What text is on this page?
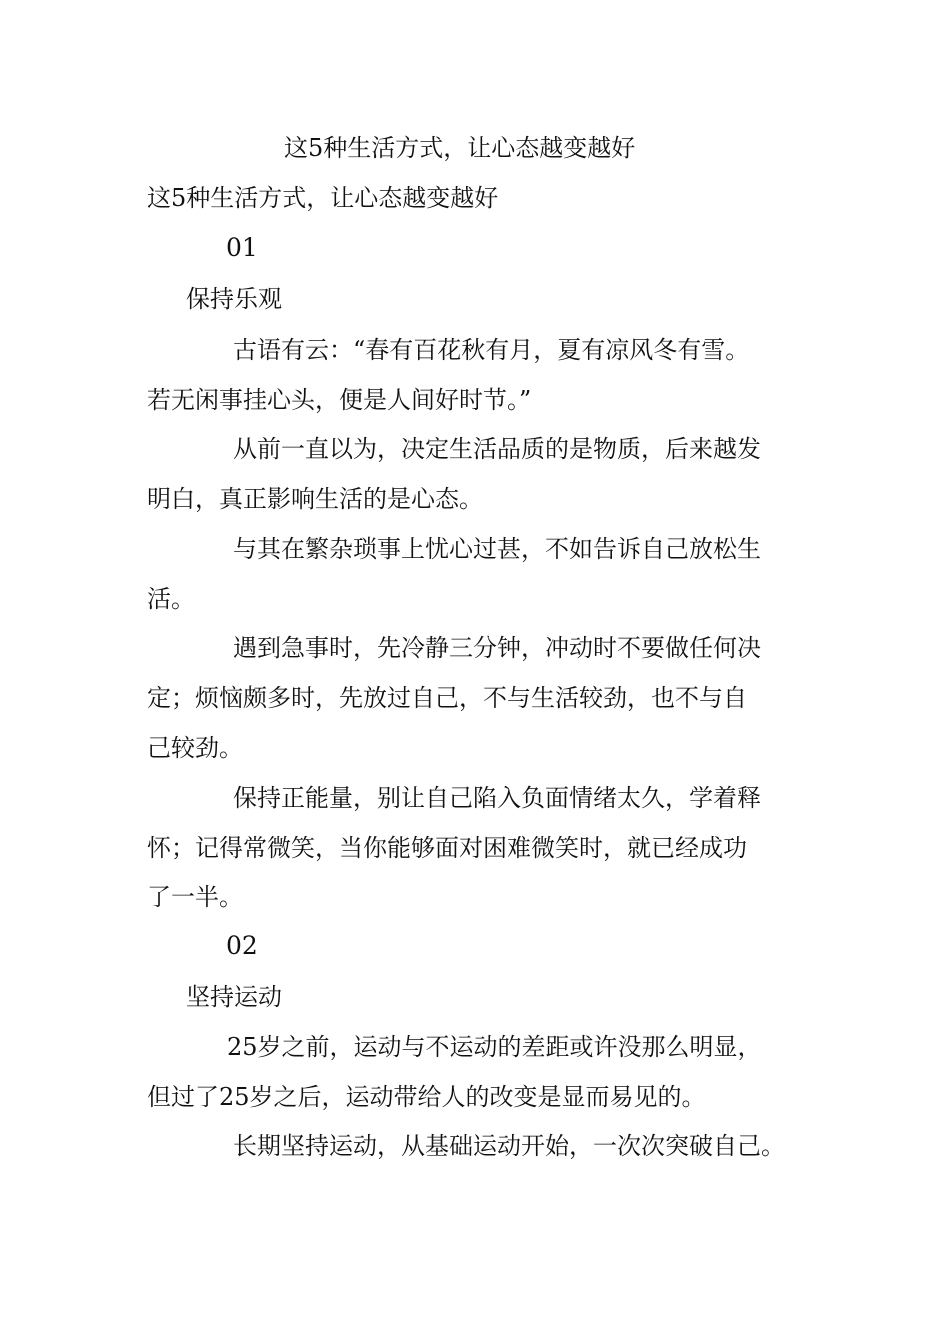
这5种生活方式，让心态越变越好

这5种生活方式，让心态越变越好

01

保持乐观

古语有云：“春有百花秋有月，夏有凉风冬有雪。

若无闲事挂心头，便是人间好时节。”

从前一直以为，决定生活品质的是物质，后来越发

明白，真正影响生活的是心态。

与其在繁杂琐事上忧心过甚，不如告诉自己放松生

活。

遇到急事时，先冷静三分钟，冲动时不要做任何决

定；烦恼颇多时，先放过自己，不与生活较劲，也不与自

己较劲。

保持正能量，别让自己陷入负面情绪太久，学着释

怀；记得常微笑，当你能够面对困难微笑时，就已经成功

了一半。

02

坚持运动

25岁之前，运动与不运动的差距或许没那么明显，

但过了25岁之后，运动带给人的改变是显而易见的。

长期坚持运动，从基础运动开始，一次次突破自己。
